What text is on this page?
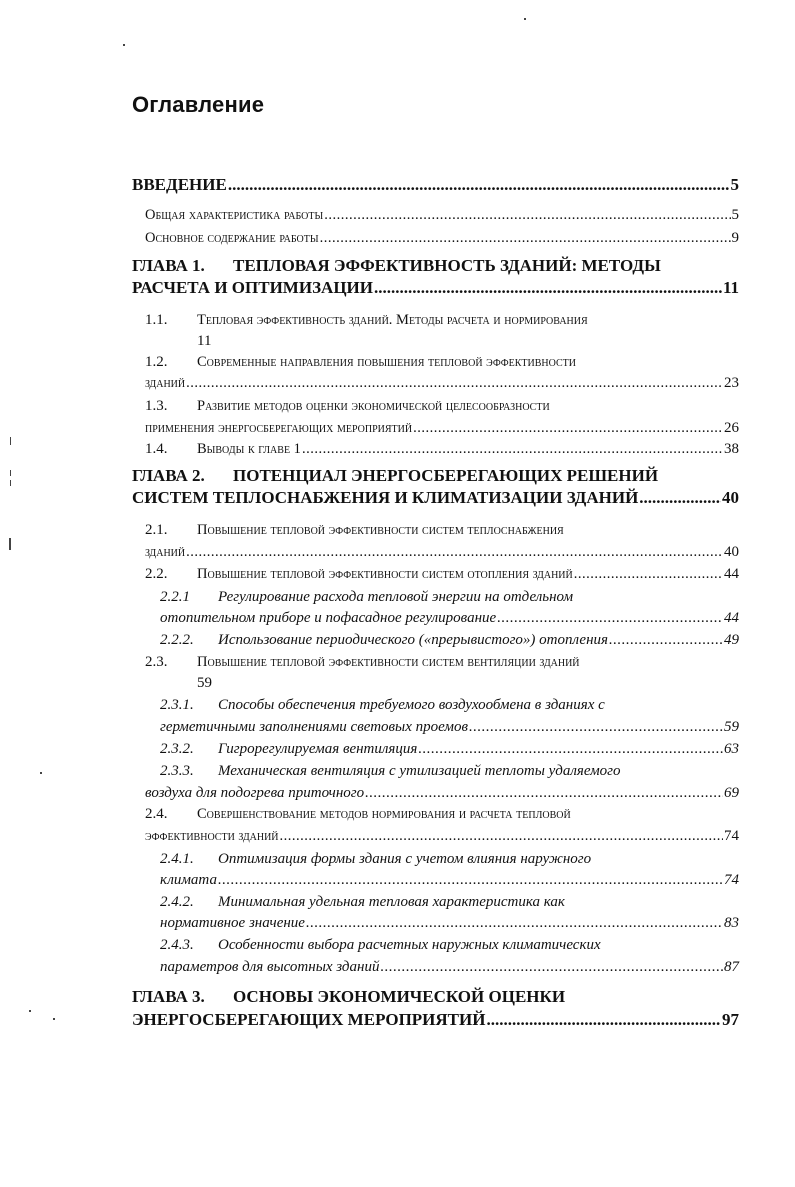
Оглавление
ВВЕДЕНИЕ .....	5
Общая характеристика работы .....	5
Основное содержание работы .....	9
ГЛАВА 1.	ТЕПЛОВАЯ ЭФФЕКТИВНОСТЬ ЗДАНИЙ: МЕТОДЫ
РАСЧЕТА И ОПТИМИЗАЦИИ .....	11
1.1.	Тепловая эффективность зданий. Методы расчета и нормирования
11
1.2.	Современные направления повышения тепловой эффективности
зданий .....	23
1.3.	Развитие методов оценки экономической целесообразности
применения энергосберегающих мероприятий .....	26
1.4.	Выводы к главе 1 .....	38
ГЛАВА 2.	ПОТЕНЦИАЛ ЭНЕРГОСБЕРЕГАЮЩИХ РЕШЕНИЙ
СИСТЕМ ТЕПЛОСНАБЖЕНИЯ И КЛИМАТИЗАЦИИ ЗДАНИЙ .....	40
2.1.	Повышение тепловой эффективности систем теплоснабжения
зданий .....	40
2.2.	Повышение тепловой эффективности систем отопления зданий .....	44
2.2.1	Регулирование расхода тепловой энергии на отдельном
отопительном приборе и пофасадное регулирование .....	44
2.2.2.	Использование периодического («прерывистого») отопления .....	49
2.3.	Повышение тепловой эффективности систем вентиляции зданий
59
2.3.1.	Способы обеспечения требуемого воздухообмена в зданиях с
герметичными заполнениями световых проемов .....	59
2.3.2.	Гигрорегулируемая вентиляция .....	63
2.3.3.	Механическая вентиляция с утилизацией теплоты удаляемого
воздуха для подогрева приточного .....	69
2.4.	Совершенствование методов нормирования и расчета тепловой
эффективности зданий .....	74
2.4.1.	Оптимизация формы здания с учетом влияния наружного
климата .....	74
2.4.2.	Минимальная удельная тепловая характеристика как
нормативное значение .....	83
2.4.3.	Особенности выбора расчетных наружных климатических
параметров для высотных зданий .....	87
ГЛАВА 3.	ОСНОВЫ ЭКОНОМИЧЕСКОЙ ОЦЕНКИ
ЭНЕРГОСБЕРЕГАЮЩИХ МЕРОПРИЯТИЙ .....	97
